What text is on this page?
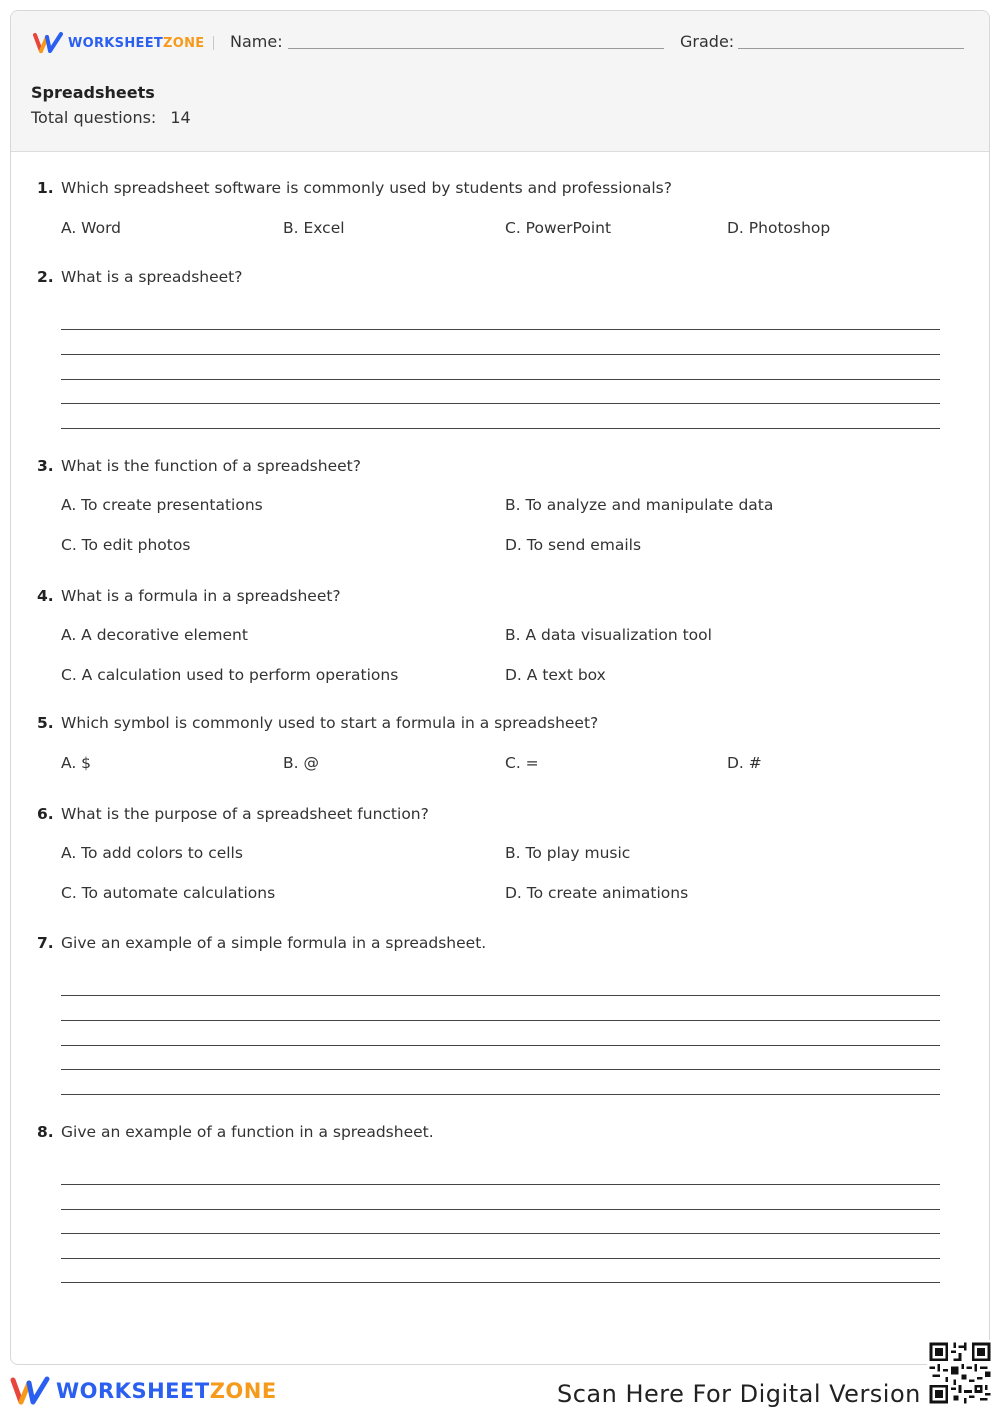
WORKSHEETZONE Name:	Grade:
Spreadsheets
Total questions: 14
1. Which spreadsheet software is commonly used by students and professionals?
A. Word	B. Excel	C. PowerPoint	D. Photoshop
2. What is a spreadsheet?
3. What is the function of a spreadsheet?
A. To create presentations	B. To analyze and manipulate data
C. To edit photos	D. To send emails
4. What is a formula in a spreadsheet?
A. A decorative element	B. A data visualization tool
C. A calculation used to perform operations	D. A text box
5. Which symbol is commonly used to start a formula in a spreadsheet?
A. $	B. @	C. =	D. #
6. What is the purpose of a spreadsheet function?
A. To add colors to cells	B. To play music
C. To automate calculations	D. To create animations
7. Give an example of a simple formula in a spreadsheet.
8. Give an example of a function in a spreadsheet.
WORKSHEETZONE	Scan Here For Digital Version
